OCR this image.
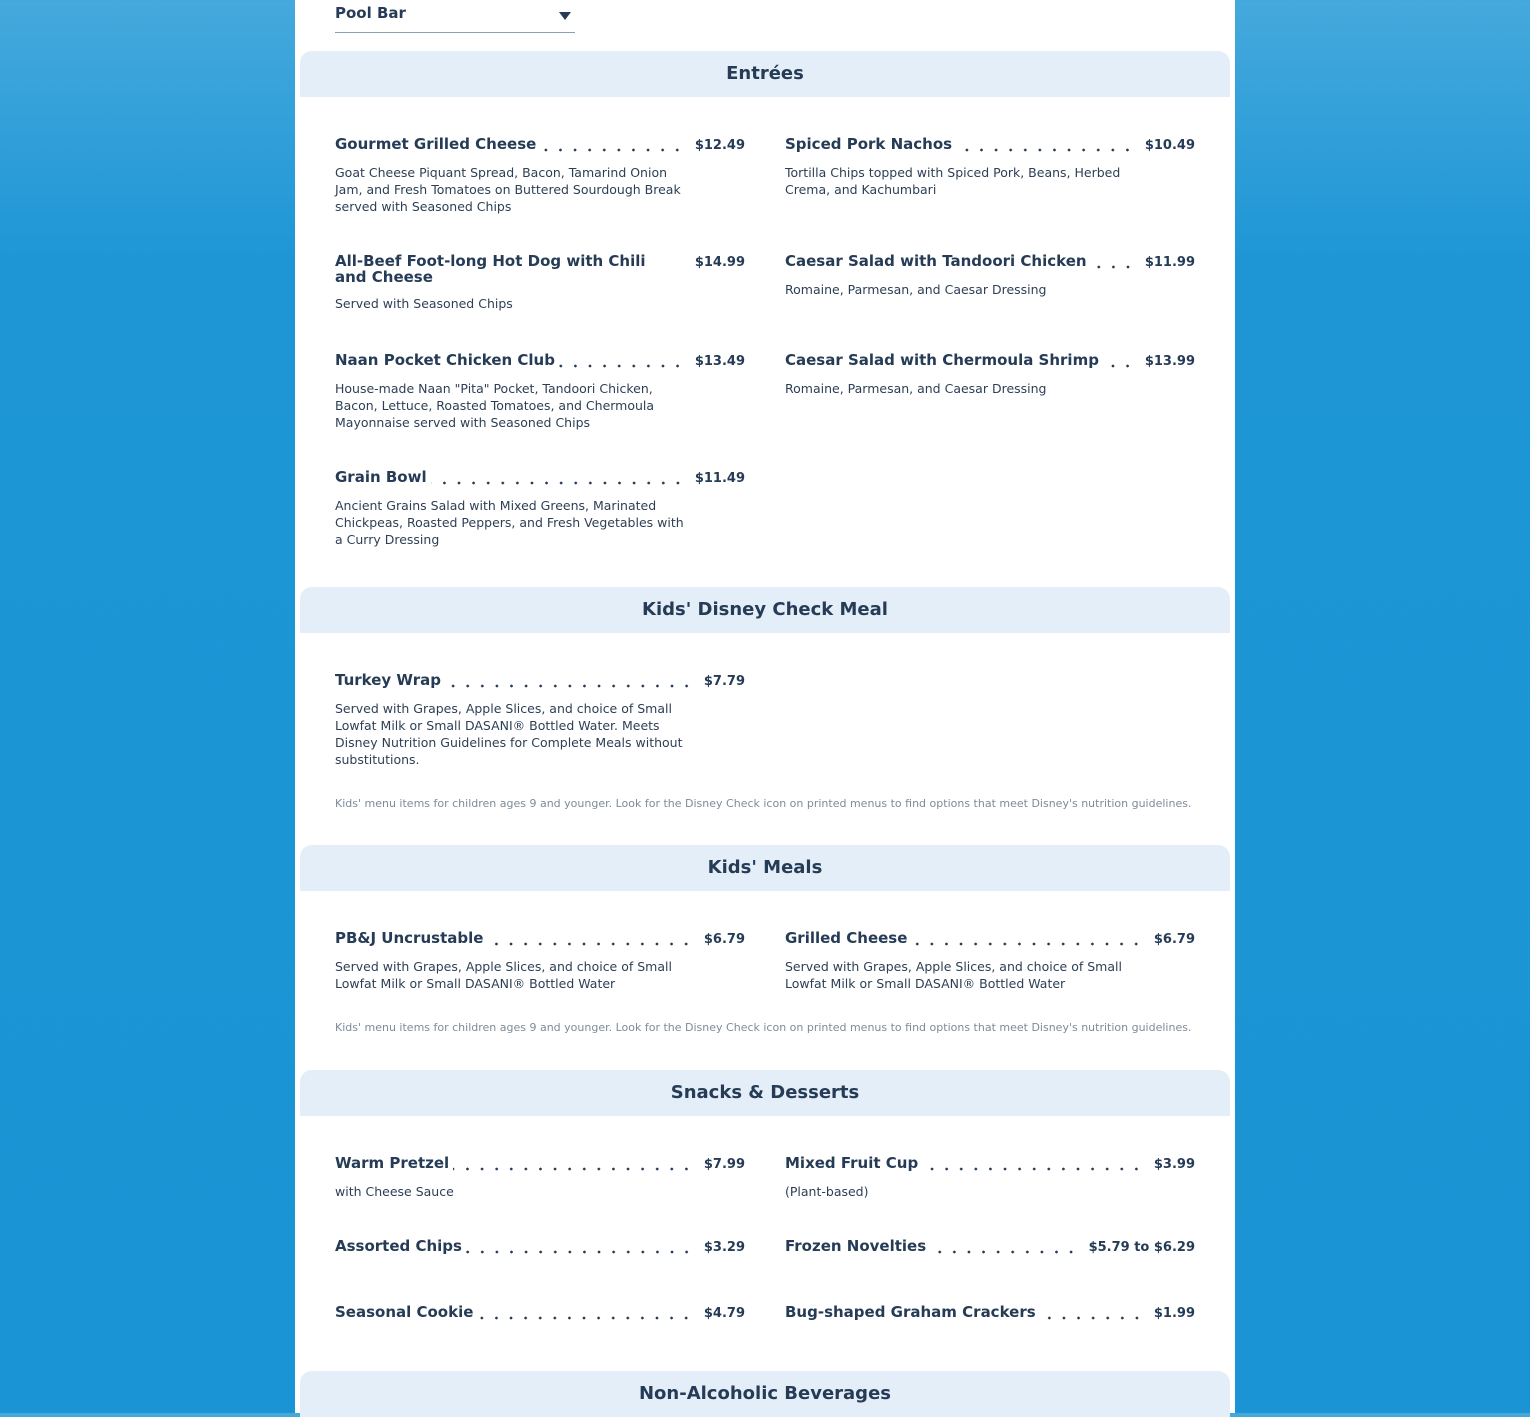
Pool Bar
Entrées
Gourmet Grilled Cheese	$12.49
Goat Cheese Piquant Spread, Bacon, Tamarind Onion Jam, and Fresh Tomatoes on Buttered Sourdough Break served with Seasoned Chips
Spiced Pork Nachos	$10.49
Tortilla Chips topped with Spiced Pork, Beans, Herbed Crema, and Kachumbari
All-Beef Foot-long Hot Dog with Chili and Cheese
$14.99
Served with Seasoned Chips
Caesar Salad with Tandoori Chicken	$11.99
Romaine, Parmesan, and Caesar Dressing
Naan Pocket Chicken Club	$13.49
House-made Naan "Pita" Pocket, Tandoori Chicken, Bacon, Lettuce, Roasted Tomatoes, and Chermoula Mayonnaise served with Seasoned Chips
Caesar Salad with Chermoula Shrimp	$13.99
Romaine, Parmesan, and Caesar Dressing
Grain Bowl	$11.49
Ancient Grains Salad with Mixed Greens, Marinated Chickpeas, Roasted Peppers, and Fresh Vegetables with a Curry Dressing
Kids' Disney Check Meal
Turkey Wrap	$7.79
Served with Grapes, Apple Slices, and choice of Small Lowfat Milk or Small DASANI® Bottled Water. Meets Disney Nutrition Guidelines for Complete Meals without substitutions.
Kids' menu items for children ages 9 and younger. Look for the Disney Check icon on printed menus to find options that meet Disney's nutrition guidelines.
Kids' Meals
PB&J Uncrustable	$6.79
Served with Grapes, Apple Slices, and choice of Small Lowfat Milk or Small DASANI® Bottled Water
Grilled Cheese	$6.79
Served with Grapes, Apple Slices, and choice of Small Lowfat Milk or Small DASANI® Bottled Water
Kids' menu items for children ages 9 and younger. Look for the Disney Check icon on printed menus to find options that meet Disney's nutrition guidelines.
Snacks & Desserts
Warm Pretzel	$7.99
with Cheese Sauce
Mixed Fruit Cup	$3.99
(Plant-based)
Assorted Chips	$3.29	Frozen Novelties	$5.79 to $6.29
Seasonal Cookie	$4.79	Bug-shaped Graham Crackers	$1.99
Non-Alcoholic Beverages
